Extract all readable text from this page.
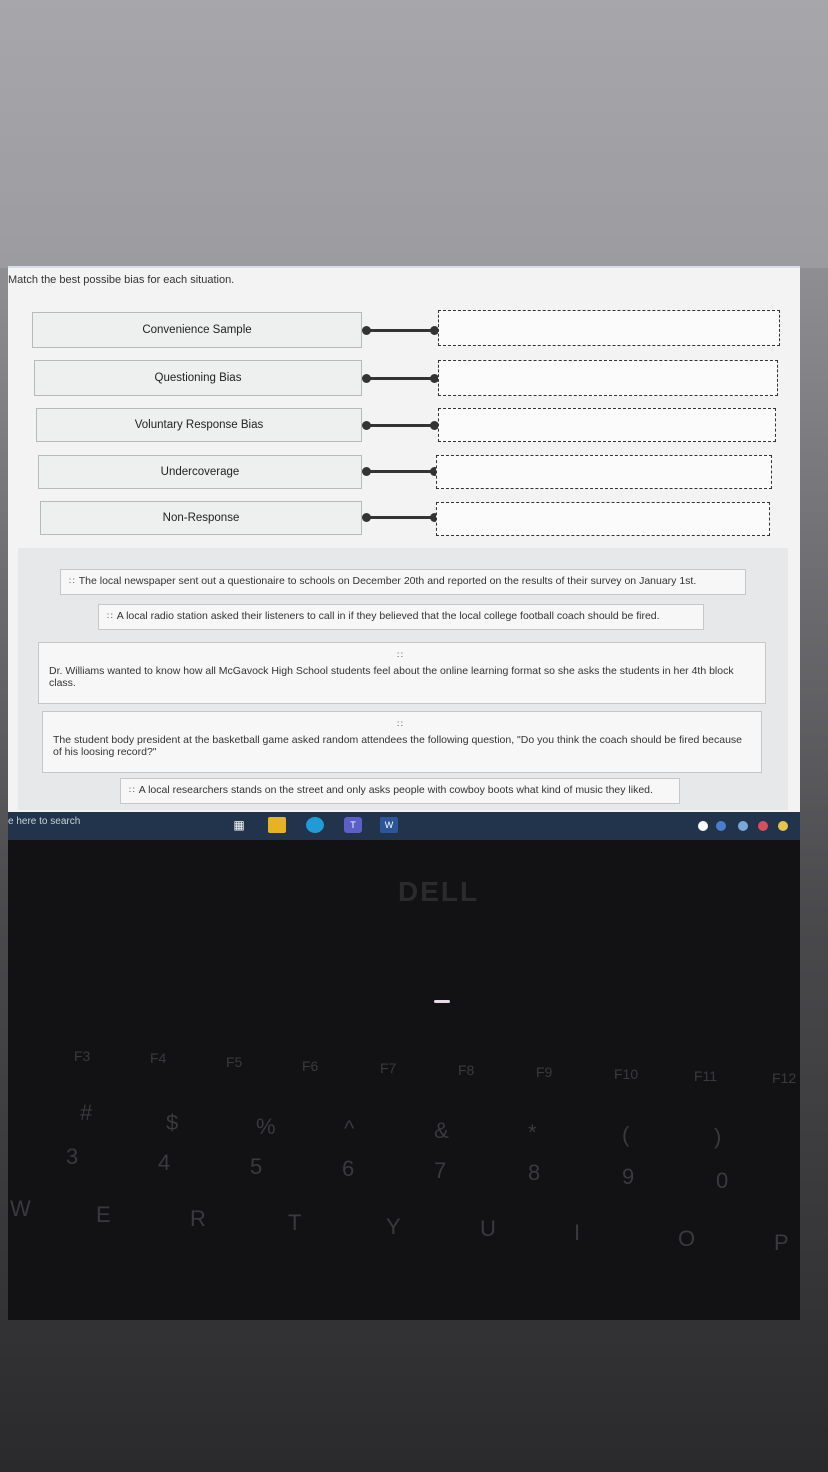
Match the best possibe bias for each situation.
Convenience Sample
Questioning Bias
Voluntary Response Bias
Undercoverage
Non-Response
∷ The local newspaper sent out a questionaire to schools on December 20th and reported on the results of their survey on January 1st.
∷ A local radio station asked their listeners to call in if they believed that the local college football coach should be fired.
∷
Dr. Williams wanted to know how all McGavock High School students feel about the online learning format so she asks the students in her 4th block class.
∷
The student body president at the basketball game asked random attendees the following question, "Do you think the coach should be fired because of his loosing record?"
∷ A local researchers stands on the street and only asks people with cowboy boots what kind of music they liked.
e here to search	▦	T	W
DELL
F3	F4	F5	F6	F7	F8	F9	F10	F11	F12
#	$	%	^	&	*	(	)
3	4	5	6	7	8	9	0
W	E	R	T	Y	U	I	O	P
